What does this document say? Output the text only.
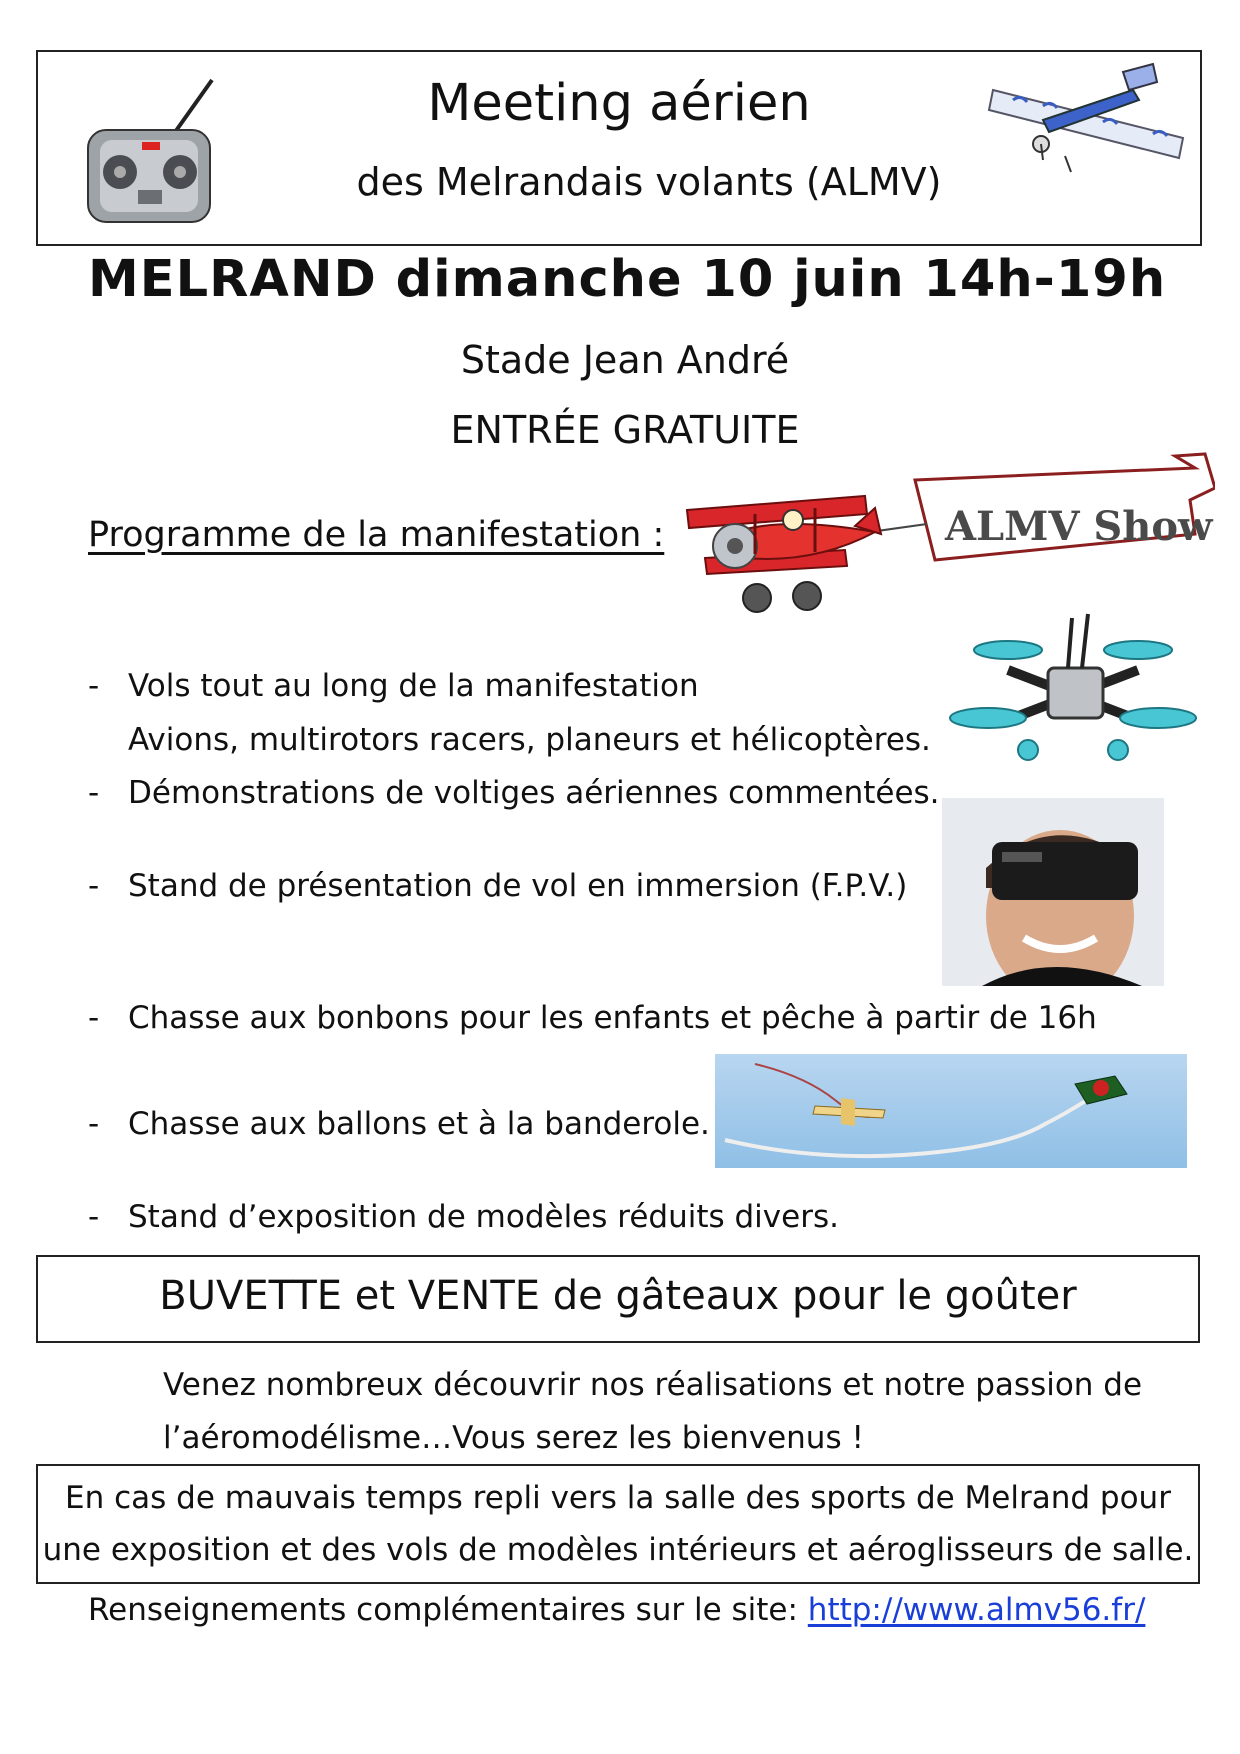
Meeting aérien
des Melrandais volants (ALMV)
MELRAND dimanche 10 juin 14h-19h
Stade Jean André
ENTRÉE GRATUITE
Programme de la manifestation :	ALMV Show
- Vols tout au long de la manifestation
Avions, multirotors racers, planeurs et hélicoptères.
- Démonstrations de voltiges aériennes commentées.
- Stand de présentation de vol en immersion (F.P.V.)
- Chasse aux bonbons pour les enfants et pêche à partir de 16h
- Chasse aux ballons et à la banderole.
- Stand d’exposition de modèles réduits divers.
BUVETTE et VENTE de gâteaux pour le goûter
Venez nombreux découvrir nos réalisations et notre passion de
l’aéromodélisme…Vous serez les bienvenus !
En cas de mauvais temps repli vers la salle des sports de Melrand pour
une exposition et des vols de modèles intérieurs et aéroglisseurs de salle.
Renseignements complémentaires sur le site: http://www.almv56.fr/
